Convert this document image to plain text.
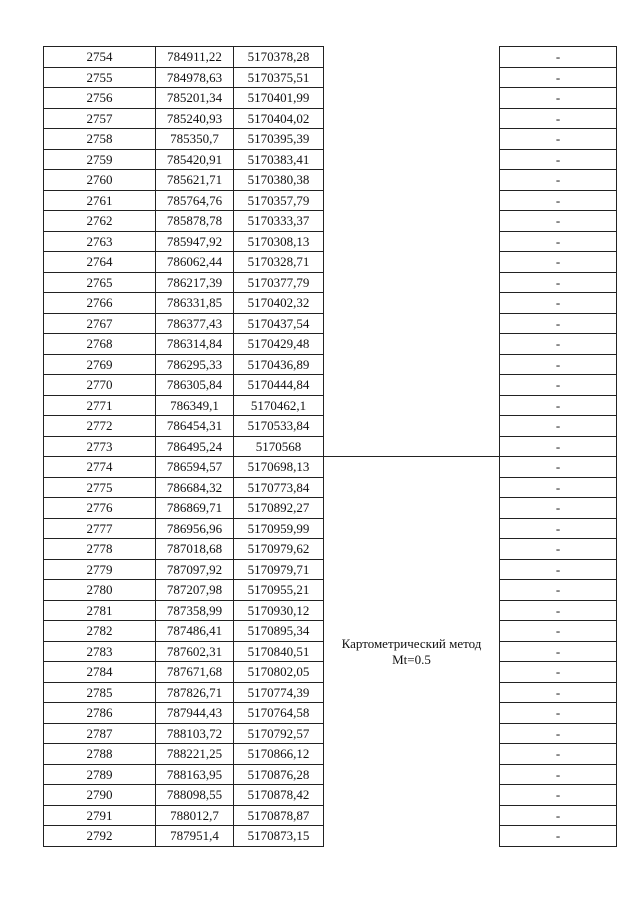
2754	784911,22	5170378,28		-
2755	784978,63	5170375,51		-
2756	785201,34	5170401,99		-
2757	785240,93	5170404,02		-
2758	785350,7	5170395,39		-
2759	785420,91	5170383,41		-
2760	785621,71	5170380,38		-
2761	785764,76	5170357,79		-
2762	785878,78	5170333,37		-
2763	785947,92	5170308,13		-
2764	786062,44	5170328,71		-
2765	786217,39	5170377,79		-
2766	786331,85	5170402,32		-
2767	786377,43	5170437,54		-
2768	786314,84	5170429,48		-
2769	786295,33	5170436,89		-
2770	786305,84	5170444,84		-
2771	786349,1	5170462,1		-
2772	786454,31	5170533,84		-
2773	786495,24	5170568		-
2774	786594,57	5170698,13	Картометрический метод
Mt=0.5	-
2775	786684,32	5170773,84		-
2776	786869,71	5170892,27		-
2777	786956,96	5170959,99		-
2778	787018,68	5170979,62		-
2779	787097,92	5170979,71		-
2780	787207,98	5170955,21		-
2781	787358,99	5170930,12		-
2782	787486,41	5170895,34		-
2783	787602,31	5170840,51		-
2784	787671,68	5170802,05		-
2785	787826,71	5170774,39		-
2786	787944,43	5170764,58		-
2787	788103,72	5170792,57		-
2788	788221,25	5170866,12		-
2789	788163,95	5170876,28		-
2790	788098,55	5170878,42		-
2791	788012,7	5170878,87		-
2792	787951,4	5170873,15		-
